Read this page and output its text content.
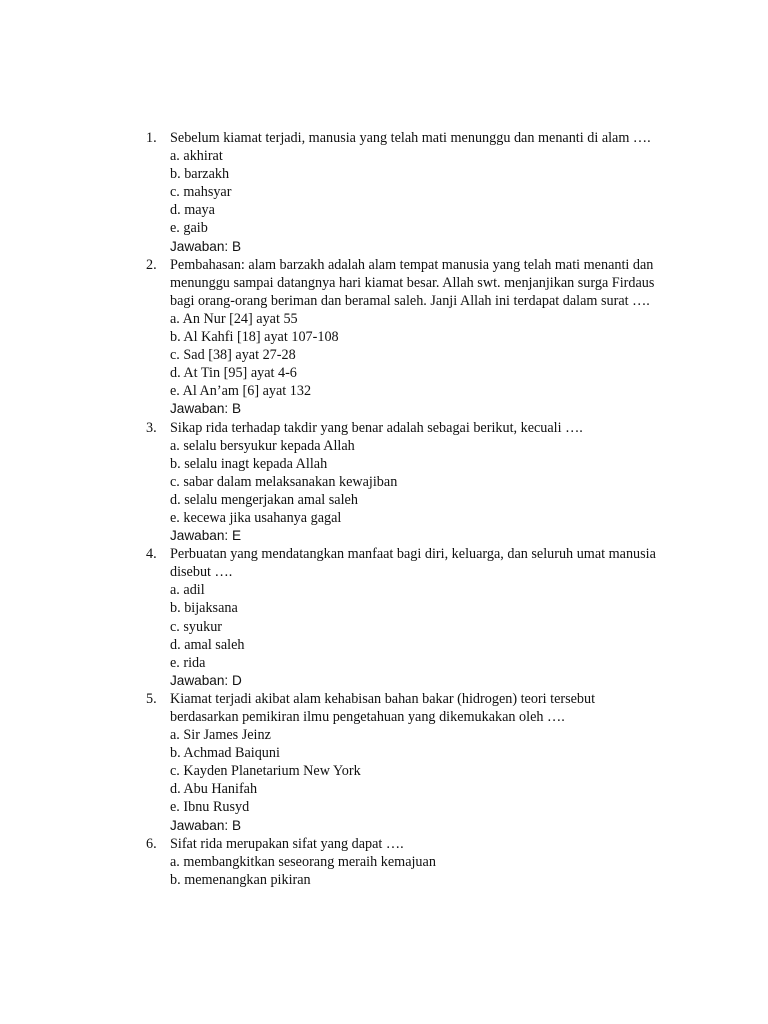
1. Sebelum kiamat terjadi, manusia yang telah mati menunggu dan menanti di alam ….
a. akhirat
b. barzakh
c. mahsyar
d. maya
e. gaib
Jawaban: B
2. Pembahasan: alam barzakh adalah alam tempat manusia yang telah mati menanti dan menunggu sampai datangnya hari kiamat besar. Allah swt. menjanjikan surga Firdaus bagi orang-orang beriman dan beramal saleh. Janji Allah ini terdapat dalam surat ….
a. An Nur [24] ayat 55
b. Al Kahfi [18] ayat 107-108
c. Sad [38] ayat 27-28
d. At Tin [95] ayat 4-6
e. Al An’am [6] ayat 132
Jawaban: B
3. Sikap rida terhadap takdir yang benar adalah sebagai berikut, kecuali ….
a. selalu bersyukur kepada Allah
b. selalu inagt kepada Allah
c. sabar dalam melaksanakan kewajiban
d. selalu mengerjakan amal saleh
e. kecewa jika usahanya gagal
Jawaban: E
4. Perbuatan yang mendatangkan manfaat bagi diri, keluarga, dan seluruh umat manusia disebut ….
a. adil
b. bijaksana
c. syukur
d. amal saleh
e. rida
Jawaban: D
5. Kiamat terjadi akibat alam kehabisan bahan bakar (hidrogen) teori tersebut berdasarkan pemikiran ilmu pengetahuan yang dikemukakan oleh ….
a. Sir James Jeinz
b. Achmad Baiquni
c. Kayden Planetarium New York
d. Abu Hanifah
e. Ibnu Rusyd
Jawaban: B
6. Sifat rida merupakan sifat yang dapat ….
a. membangkitkan seseorang meraih kemajuan
b. memenangkan pikiran
